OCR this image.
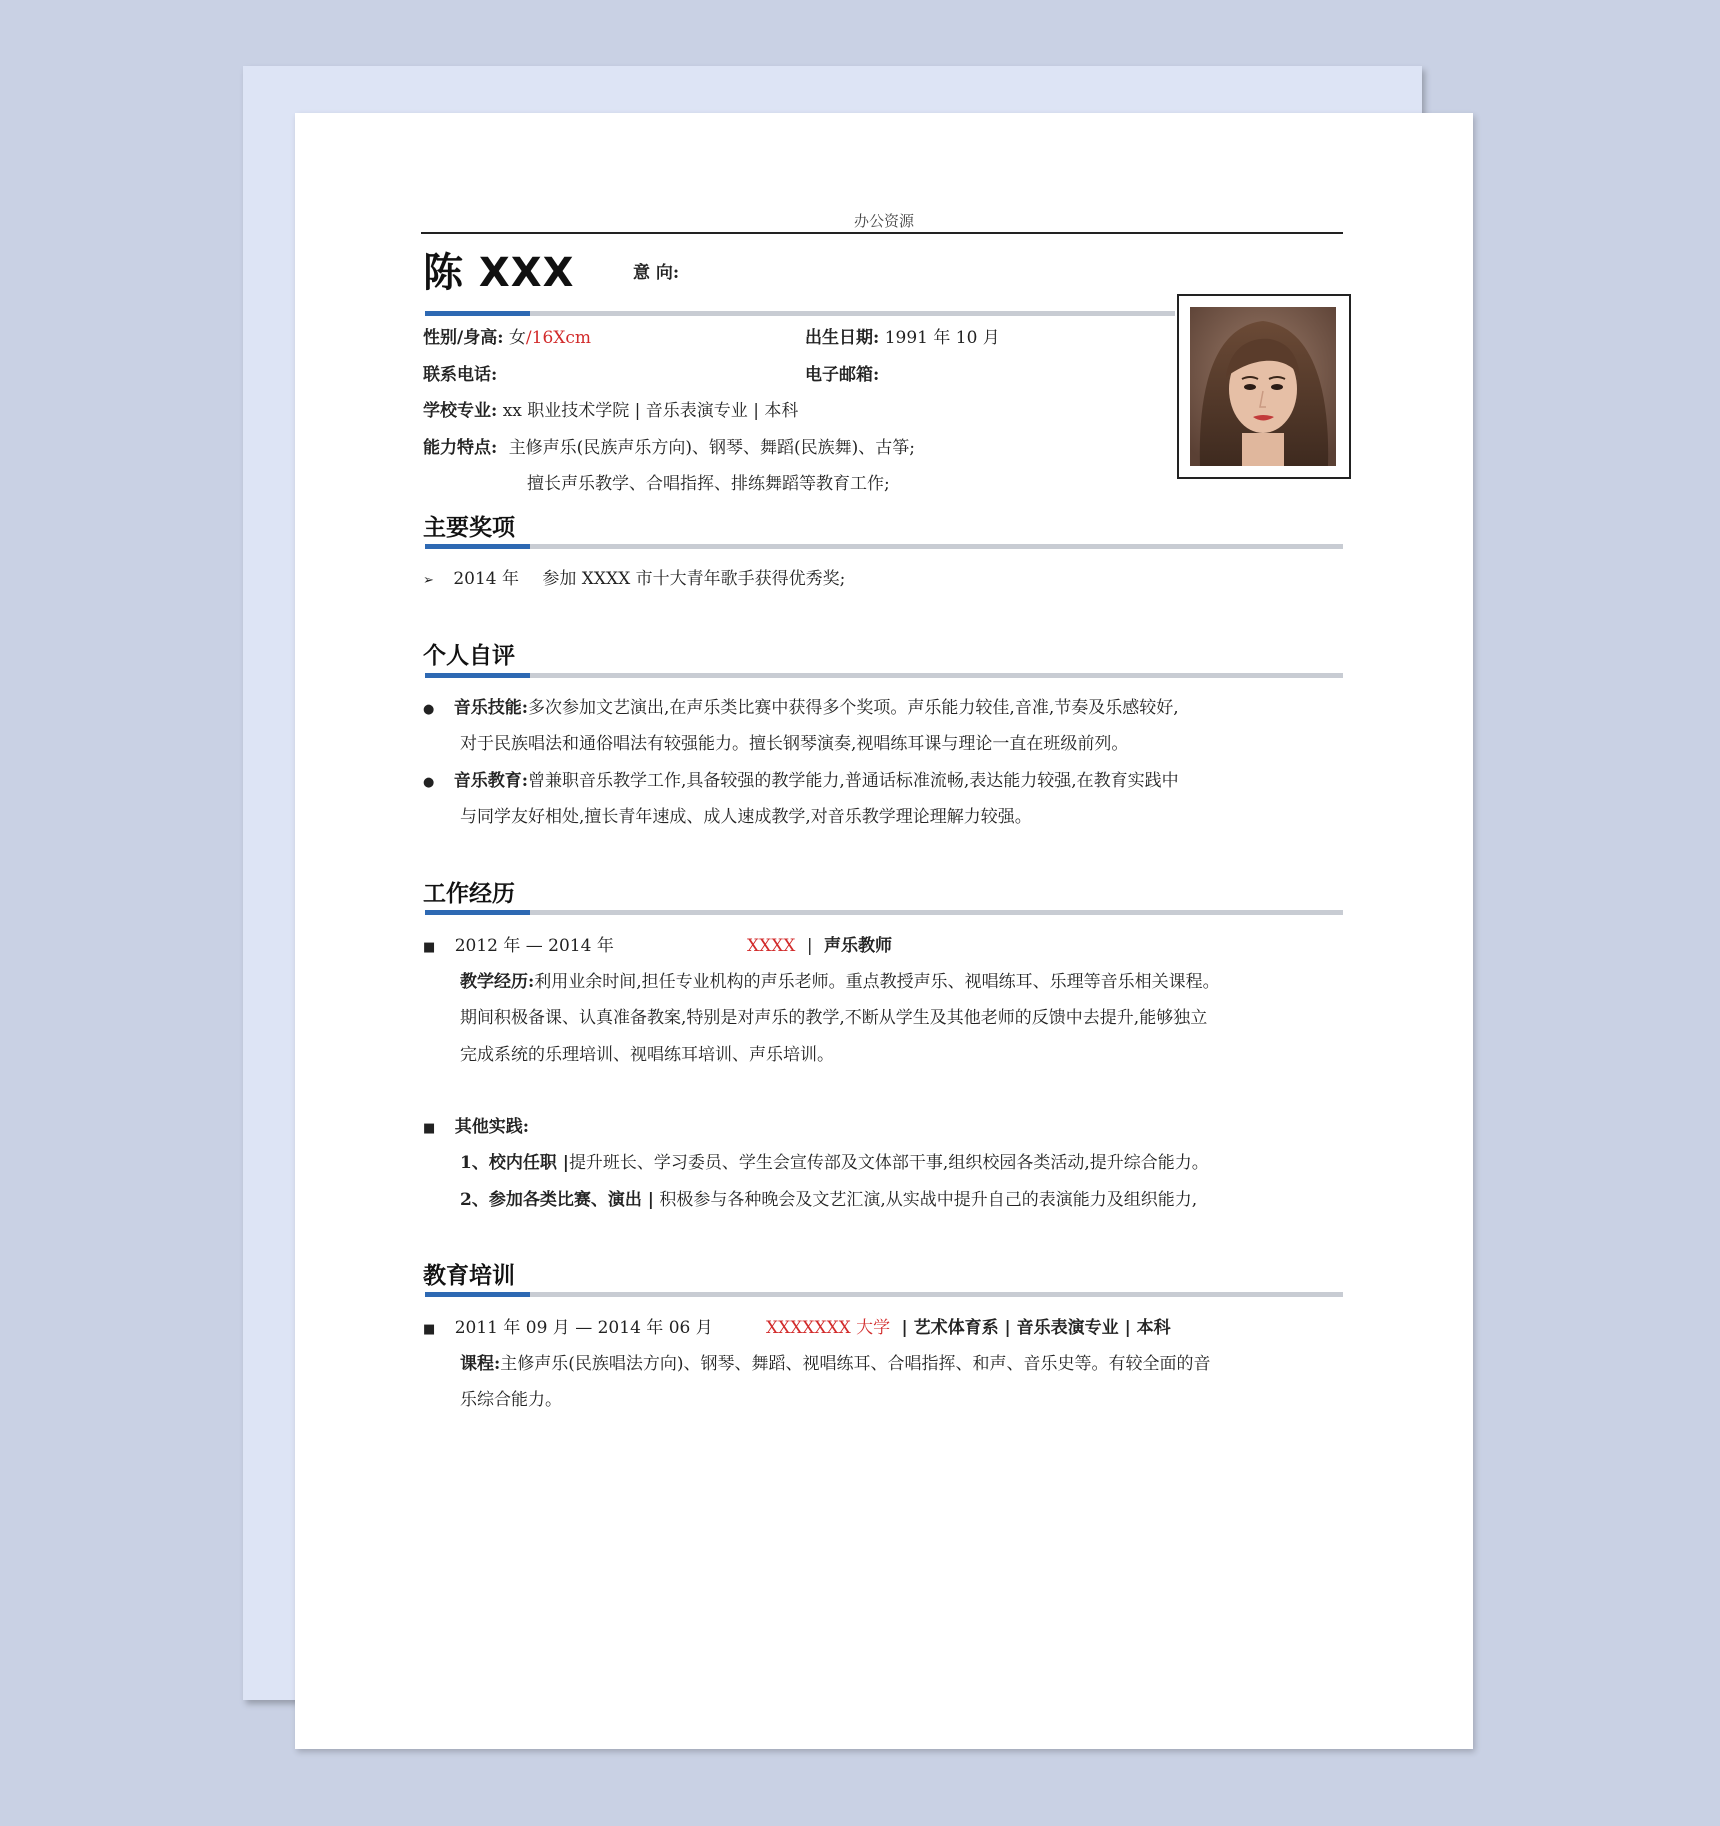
办公资源
陈 XXX	意 向:
性别/身高: 女/16Xcm	出生日期: 1991 年 10 月
联系电话:	电子邮箱:
学校专业: xx 职业技术学院 | 音乐表演专业 | 本科
能力特点: 主修声乐(民族声乐方向)、钢琴、舞蹈(民族舞)、古筝;
擅长声乐教学、合唱指挥、排练舞蹈等教育工作;
主要奖项
➢ 2014 年 参加 XXXX 市十大青年歌手获得优秀奖;
个人自评
● 音乐技能:多次参加文艺演出,在声乐类比赛中获得多个奖项。声乐能力较佳,音准,节奏及乐感较好,
对于民族唱法和通俗唱法有较强能力。擅长钢琴演奏,视唱练耳课与理论一直在班级前列。
● 音乐教育:曾兼职音乐教学工作,具备较强的教学能力,普通话标准流畅,表达能力较强,在教育实践中
与同学友好相处,擅长青年速成、成人速成教学,对音乐教学理论理解力较强。
工作经历
■ 2012 年 — 2014 年	XXXX | 声乐教师
教学经历:利用业余时间,担任专业机构的声乐老师。重点教授声乐、视唱练耳、乐理等音乐相关课程。
期间积极备课、认真准备教案,特别是对声乐的教学,不断从学生及其他老师的反馈中去提升,能够独立
完成系统的乐理培训、视唱练耳培训、声乐培训。
■ 其他实践:
1、校内任职 |提升班长、学习委员、学生会宣传部及文体部干事,组织校园各类活动,提升综合能力。
2、参加各类比赛、演出 | 积极参与各种晚会及文艺汇演,从实战中提升自己的表演能力及组织能力,
教育培训
■ 2011 年 09 月 — 2014 年 06 月	XXXXXXX 大学 | 艺术体育系 | 音乐表演专业 | 本科
课程:主修声乐(民族唱法方向)、钢琴、舞蹈、视唱练耳、合唱指挥、和声、音乐史等。有较全面的音
乐综合能力。
